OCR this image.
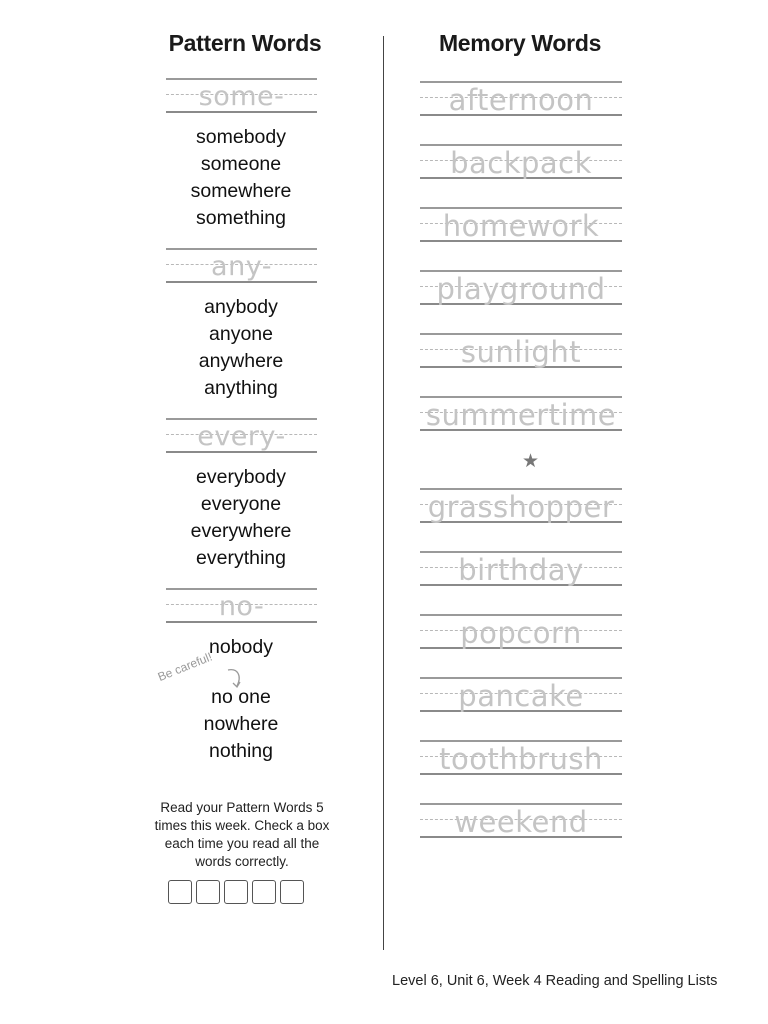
Pattern Words	Memory Words
some-
somebody
someone
somewhere
something
any-
anybody
anyone
anywhere
anything
every-
everybody
everyone
everywhere
everything
no-
nobody
no one
nowhere
nothing
Be careful!
afternoon
backpack
homework
playground
sunlight
summertime
★
grasshopper
birthday
popcorn
pancake
toothbrush
weekend
Read your Pattern Words 5 times this week. Check a box each time you read all the words correctly.
Level 6, Unit 6, Week 4 Reading and Spelling Lists
